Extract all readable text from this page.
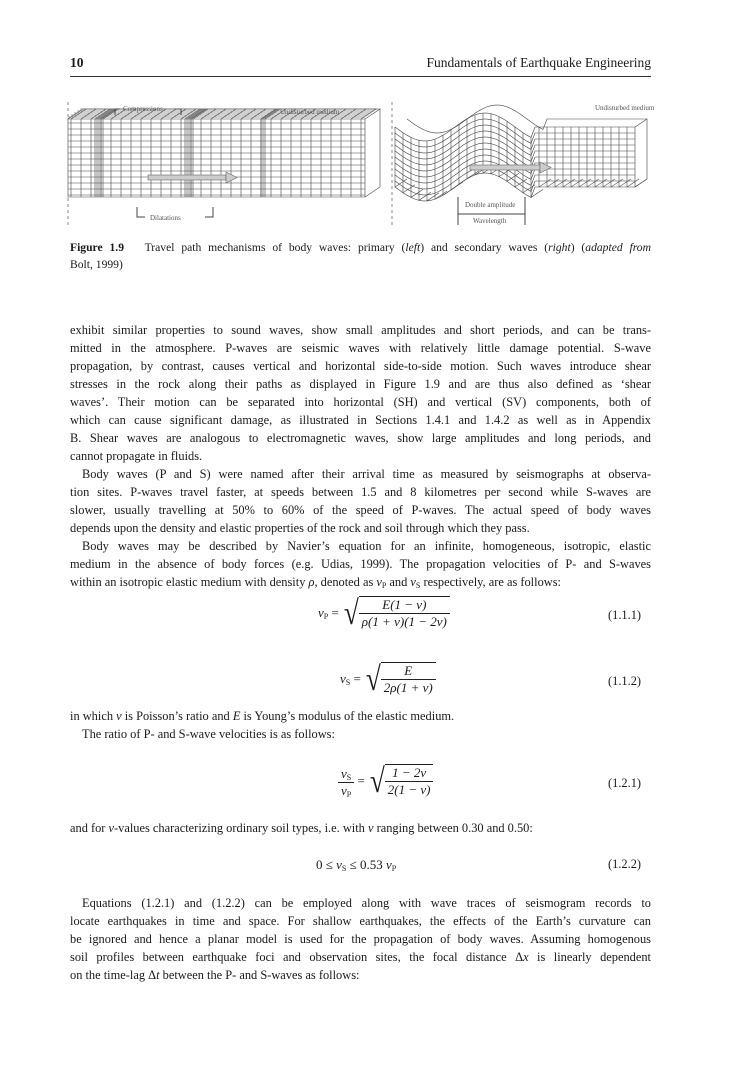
10	Fundamentals of Earthquake Engineering
Compressions	Undisturbed medium
Dilatations
Undisturbed medium
Double amplitude
Wavelength
Figure 1.9 Travel path mechanisms of body waves: primary (left) and secondary waves (right) (adapted from
Bolt, 1999)
exhibit similar properties to sound waves, show small amplitudes and short periods, and can be trans-
mitted in the atmosphere. P-waves are seismic waves with relatively little damage potential. S-wave
propagation, by contrast, causes vertical and horizontal side-to-side motion. Such waves introduce shear
stresses in the rock along their paths as displayed in Figure 1.9 and are thus also defined as ‘shear
waves’. Their motion can be separated into horizontal (SH) and vertical (SV) components, both of
which can cause significant damage, as illustrated in Sections 1.4.1 and 1.4.2 as well as in Appendix
B. Shear waves are analogous to electromagnetic waves, show large amplitudes and long periods, and
cannot propagate in fluids.
Body waves (P and S) were named after their arrival time as measured by seismographs at observa-
tion sites. P-waves travel faster, at speeds between 1.5 and 8 kilometres per second while S-waves are
slower, usually travelling at 50% to 60% of the speed of P-waves. The actual speed of body waves
depends upon the density and elastic properties of the rock and soil through which they pass.
Body waves may be described by Navier’s equation for an infinite, homogeneous, isotropic, elastic
medium in the absence of body forces (e.g. Udias, 1999). The propagation velocities of P- and S-waves
within an isotropic elastic medium with density ρ, denoted as $v_P$ and $v_S$ respectively, are as follows:
$v_P$ = √ $\frac{E(1 - \nu)}{\rho(1 + \nu)(1 - 2\nu)}$	(1.1.1)
$v_S$ = √ $\frac{E}{2\rho(1 + \nu)}$	(1.1.2)
in which ν is Poisson’s ratio and E is Young’s modulus of the elastic medium.
The ratio of P- and S-wave velocities is as follows:
$\frac{v_S}{v_P}$ = √ $\frac{1 - 2\nu}{2(1 - \nu)}$	(1.2.1)
and for ν-values characterizing ordinary soil types, i.e. with ν ranging between 0.30 and 0.50:
$0 \le v_S \le 0.53$ $v_P$	(1.2.2)
Equations (1.2.1) and (1.2.2) can be employed along with wave traces of seismogram records to
locate earthquakes in time and space. For shallow earthquakes, the effects of the Earth’s curvature can
be ignored and hence a planar model is used for the propagation of body waves. Assuming homogenous
soil profiles between earthquake foci and observation sites, the focal distance Δx is linearly dependent
on the time-lag Δt between the P- and S-waves as follows:
